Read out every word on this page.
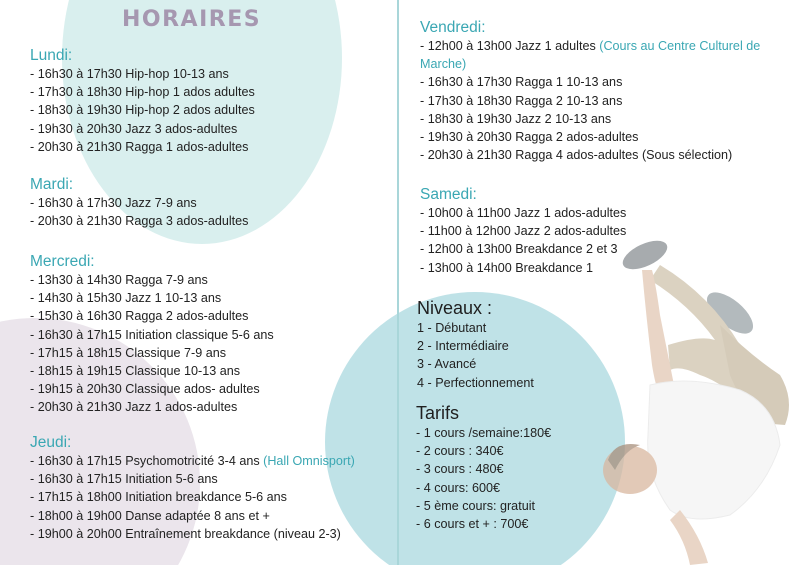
HORAIRES
Lundi:
- 16h30 à 17h30 Hip-hop 10-13 ans
- 17h30 à 18h30 Hip-hop 1 ados adultes
- 18h30 à 19h30 Hip-hop 2 ados adultes
- 19h30 à 20h30 Jazz 3 ados-adultes
- 20h30 à 21h30 Ragga 1 ados-adultes
Mardi:
- 16h30 à 17h30 Jazz 7-9 ans
- 20h30 à 21h30 Ragga 3 ados-adultes
Mercredi:
- 13h30 à 14h30 Ragga 7-9 ans
- 14h30 à 15h30 Jazz 1 10-13 ans
- 15h30 à 16h30 Ragga 2 ados-adultes
- 16h30 à 17h15 Initiation classique 5-6 ans
- 17h15 à 18h15 Classique 7-9 ans
- 18h15 à 19h15 Classique 10-13 ans
- 19h15 à 20h30 Classique ados- adultes
- 20h30 à 21h30 Jazz 1 ados-adultes
Jeudi:
- 16h30 à 17h15 Psychomotricité 3-4 ans (Hall Omnisport)
- 16h30 à 17h15 Initiation 5-6 ans
- 17h15 à 18h00 Initiation breakdance 5-6 ans
- 18h00 à 19h00 Danse adaptée 8 ans et +
- 19h00 à 20h00 Entraînement breakdance (niveau 2-3)
Vendredi:
- 12h00 à 13h00 Jazz 1 adultes (Cours au Centre Culturel de Marche)
- 16h30 à 17h30 Ragga 1 10-13 ans
- 17h30 à 18h30 Ragga 2 10-13 ans
- 18h30 à 19h30 Jazz 2 10-13 ans
- 19h30 à 20h30 Ragga 2 ados-adultes
- 20h30 à 21h30 Ragga 4 ados-adultes (Sous sélection)
Samedi:
- 10h00 à 11h00 Jazz 1 ados-adultes
- 11h00 à 12h00 Jazz 2 ados-adultes
- 12h00 à 13h00 Breakdance 2 et 3
- 13h00 à 14h00 Breakdance 1
Niveaux :
1 - Débutant
2 - Intermédiaire
3 - Avancé
4 - Perfectionnement
Tarifs
- 1 cours /semaine:180€
- 2 cours : 340€
- 3 cours : 480€
- 4 cours: 600€
- 5 ème cours: gratuit
- 6 cours et + : 700€
